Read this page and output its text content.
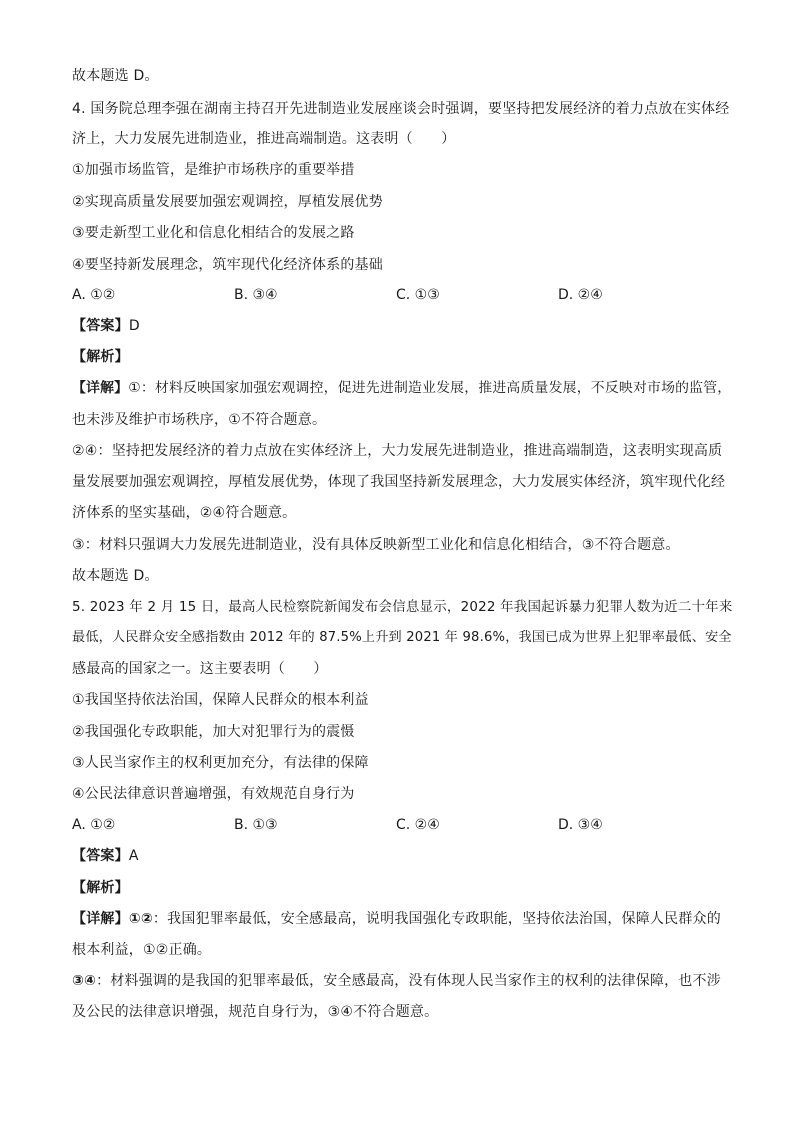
故本题选 D。
4. 国务院总理李强在湖南主持召开先进制造业发展座谈会时强调，要坚持把发展经济的着力点放在实体经
济上，大力发展先进制造业，推进高端制造。这表明（　　）
①加强市场监管，是维护市场秩序的重要举措
②实现高质量发展要加强宏观调控，厚植发展优势
③要走新型工业化和信息化相结合的发展之路
④要坚持新发展理念，筑牢现代化经济体系的基础
A. ①②	B. ③④	C. ①③	D. ②④
【答案】D
【解析】
【详解】①：材料反映国家加强宏观调控，促进先进制造业发展，推进高质量发展，不反映对市场的监管，
也未涉及维护市场秩序，①不符合题意。
②④：坚持把发展经济的着力点放在实体经济上，大力发展先进制造业，推进高端制造，这表明实现高质
量发展要加强宏观调控，厚植发展优势，体现了我国坚持新发展理念，大力发展实体经济，筑牢现代化经
济体系的坚实基础，②④符合题意。
③：材料只强调大力发展先进制造业，没有具体反映新型工业化和信息化相结合，③不符合题意。
故本题选 D。
5. 2023 年 2 月 15 日，最高人民检察院新闻发布会信息显示，2022 年我国起诉暴力犯罪人数为近二十年来
最低，人民群众安全感指数由 2012 年的 87.5%上升到 2021 年 98.6%，我国已成为世界上犯罪率最低、安全
感最高的国家之一。这主要表明（　　）
①我国坚持依法治国，保障人民群众的根本利益
②我国强化专政职能，加大对犯罪行为的震慑
③人民当家作主的权利更加充分，有法律的保障
④公民法律意识普遍增强，有效规范自身行为
A. ①②	B. ①③	C. ②④	D. ③④
【答案】A
【解析】
【详解】①②：我国犯罪率最低，安全感最高，说明我国强化专政职能，坚持依法治国，保障人民群众的
根本利益，①②正确。
③④：材料强调的是我国的犯罪率最低，安全感最高，没有体现人民当家作主的权利的法律保障，也不涉
及公民的法律意识增强，规范自身行为，③④不符合题意。
